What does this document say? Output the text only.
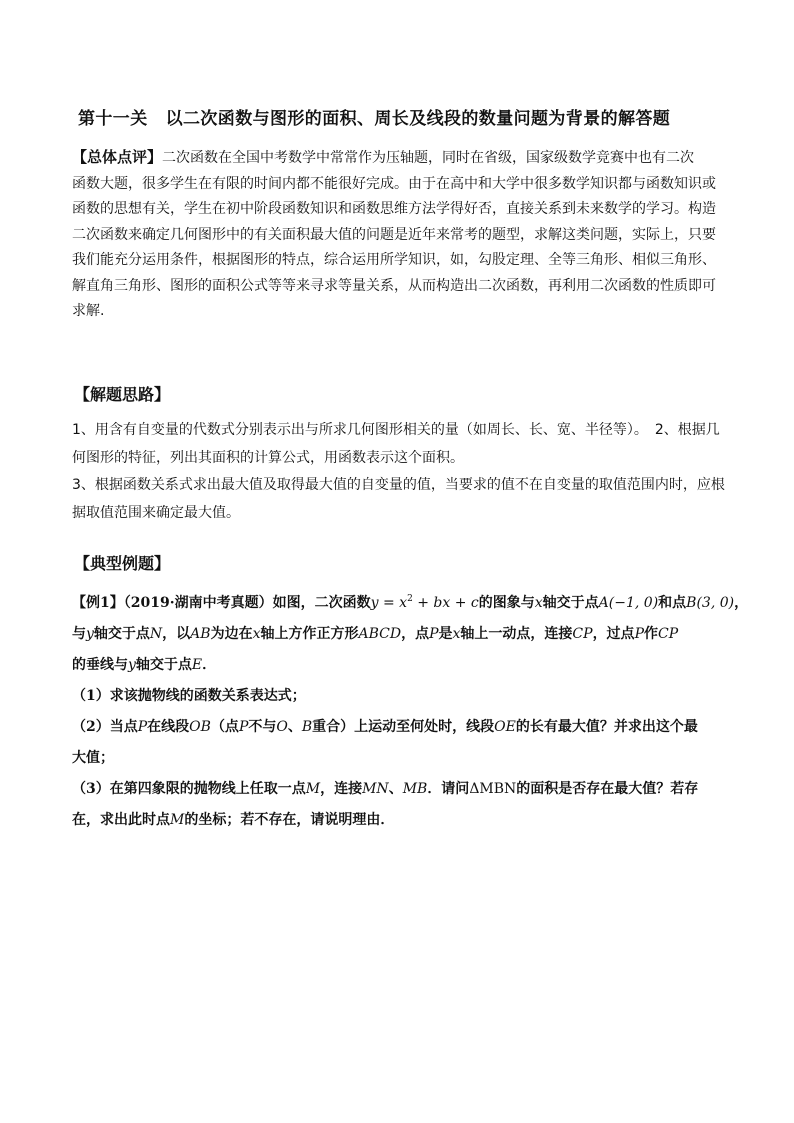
第十一关 以二次函数与图形的面积、周长及线段的数量问题为背景的解答题
【总体点评】二次函数在全国中考数学中常常作为压轴题，同时在省级，国家级数学竞赛中也有二次
函数大题，很多学生在有限的时间内都不能很好完成。由于在高中和大学中很多数学知识都与函数知识或
函数的思想有关，学生在初中阶段函数知识和函数思维方法学得好否，直接关系到未来数学的学习。构造
二次函数来确定几何图形中的有关面积最大值的问题是近年来常考的题型，求解这类问题，实际上，只要
我们能充分运用条件，根据图形的特点，综合运用所学知识，如，勾股定理、全等三角形、相似三角形、
解直角三角形、图形的面积公式等等来寻求等量关系，从而构造出二次函数，再利用二次函数的性质即可
求解.
【解题思路】
1、用含有自变量的代数式分别表示出与所求几何图形相关的量（如周长、长、宽、半径等）。　2、根据几
何图形的特征，列出其面积的计算公式，用函数表示这个面积。
3、根据函数关系式求出最大值及取得最大值的自变量的值，当要求的值不在自变量的取值范围内时，应根
据取值范围来确定最大值。
【典型例题】
【例1】（2019·湖南中考真题）如图，二次函数$y = x^2$ + bx + c的图象与x轴交于点A(−1, 0)和点B(3, 0)，
与y轴交于点N，以AB为边在x轴上方作正方形ABCD，点P是x轴上一动点，连接CP，过点P作CP
的垂线与y轴交于点E．
（1）求该抛物线的函数关系表达式；
（2）当点P在线段OB（点P不与O、B重合）上运动至何处时，线段OE的长有最大值？并求出这个最
大值；
（3）在第四象限的抛物线上任取一点M，连接MN、MB．请问ΔMBN的面积是否存在最大值？若存
在，求出此时点M的坐标；若不存在，请说明理由．
